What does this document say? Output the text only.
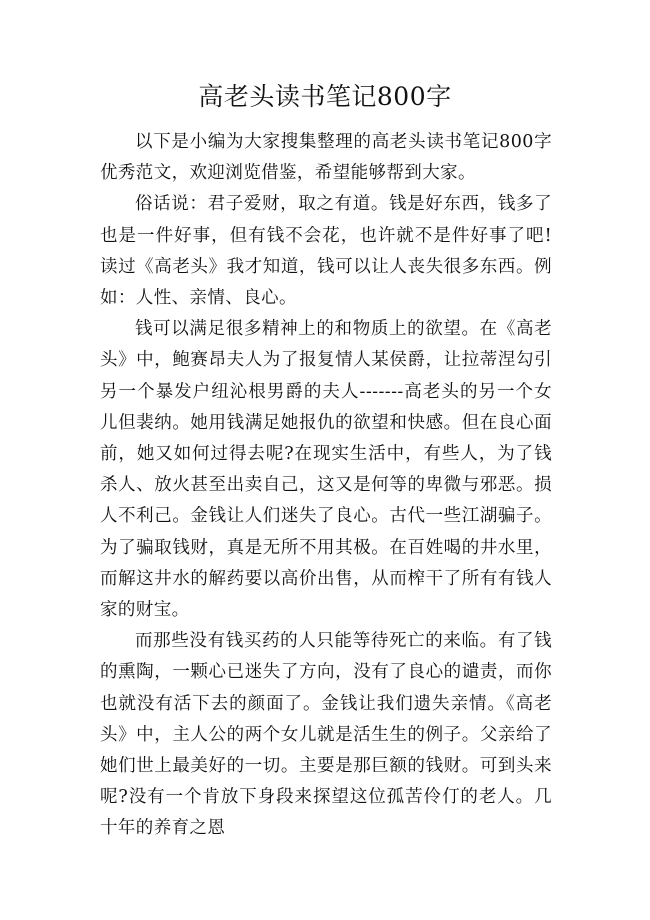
高老头读书笔记800字

以下是小编为大家搜集整理的高老头读书笔记800字优秀范文，欢迎浏览借鉴，希望能够帮到大家。

俗话说：君子爱财，取之有道。钱是好东西，钱多了也是一件好事，但有钱不会花，也许就不是件好事了吧!读过《高老头》我才知道，钱可以让人丧失很多东西。例如：人性、亲情、良心。

钱可以满足很多精神上的和物质上的欲望。在《高老头》中，鲍赛昂夫人为了报复情人某侯爵，让拉蒂涅勾引另一个暴发户纽沁根男爵的夫人-------高老头的另一个女儿但裴纳。她用钱满足她报仇的欲望和快感。但在良心面前，她又如何过得去呢?在现实生活中，有些人，为了钱杀人、放火甚至出卖自己，这又是何等的卑微与邪恶。损人不利己。金钱让人们迷失了良心。古代一些江湖骗子。为了骗取钱财，真是无所不用其极。在百姓喝的井水里，而解这井水的解药要以高价出售，从而榨干了所有有钱人家的财宝。

而那些没有钱买药的人只能等待死亡的来临。有了钱的熏陶，一颗心已迷失了方向，没有了良心的谴责，而你也就没有活下去的颜面了。金钱让我们遗失亲情。《高老头》中，主人公的两个女儿就是活生生的例子。父亲给了她们世上最美好的一切。主要是那巨额的钱财。可到头来呢?没有一个肯放下身段来探望这位孤苦伶仃的老人。几十年的养育之恩
